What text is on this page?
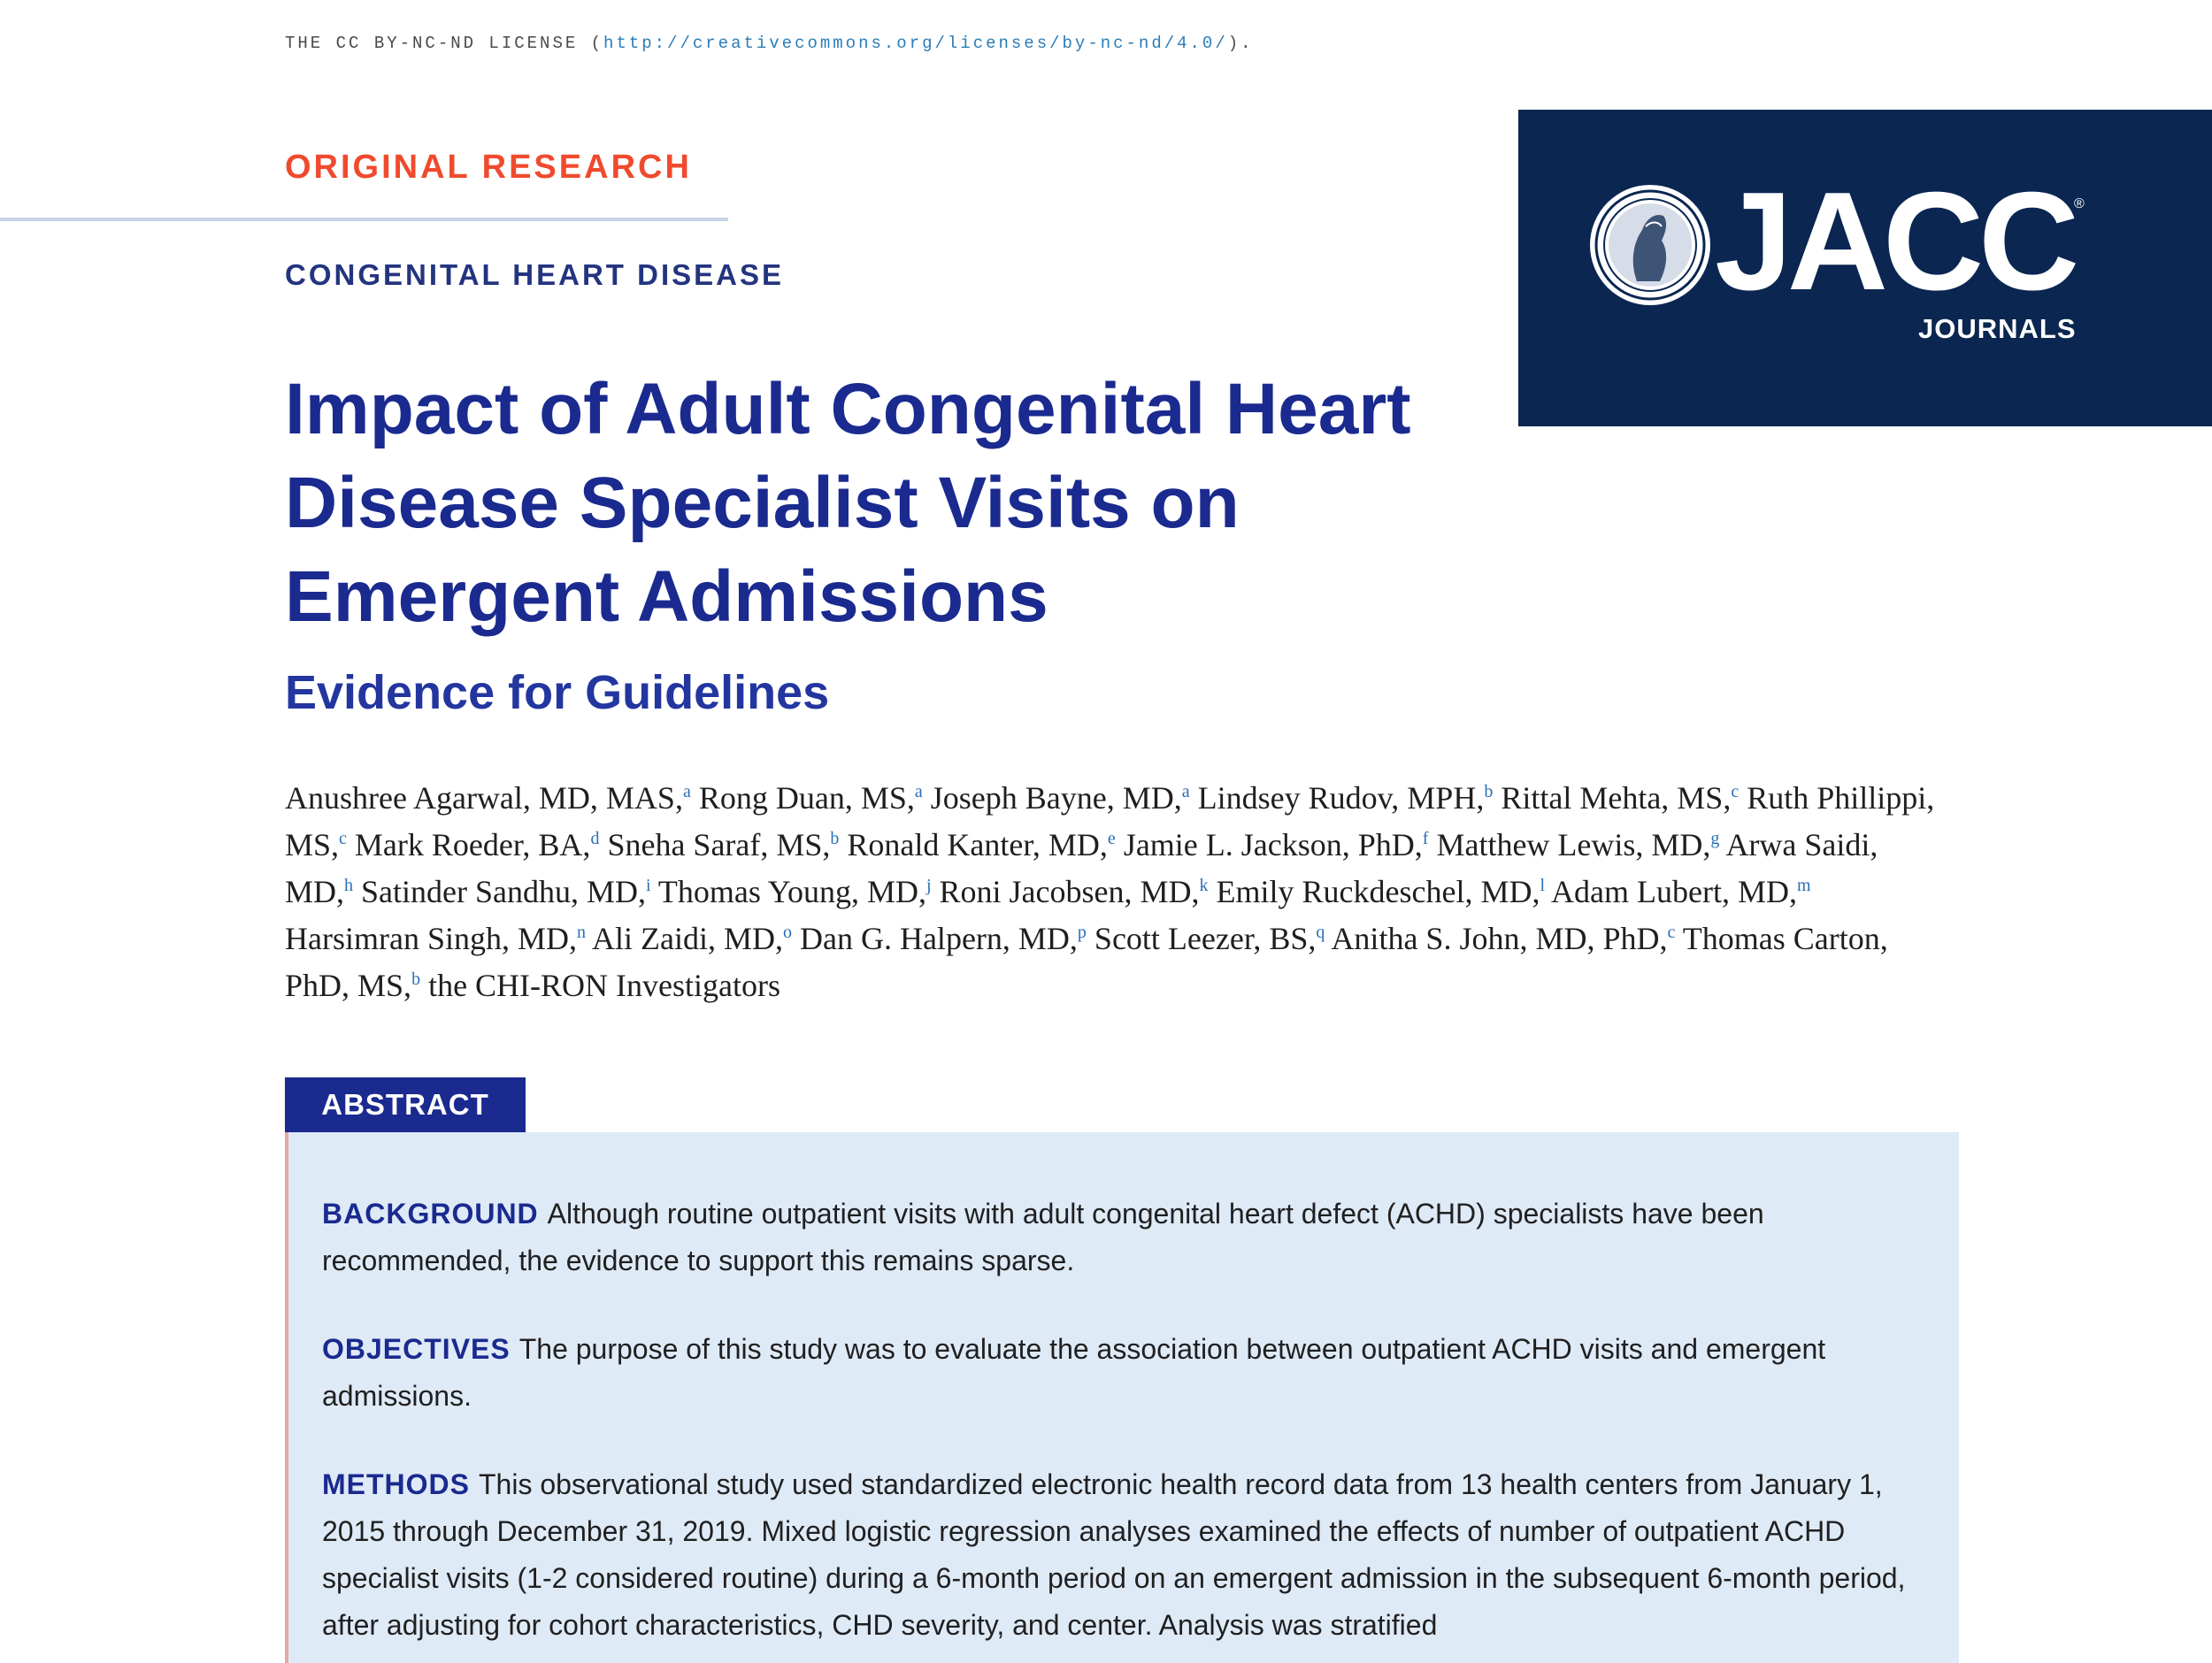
THE CC BY-NC-ND LICENSE (http://creativecommons.org/licenses/by-nc-nd/4.0/).
ORIGINAL RESEARCH
CONGENITAL HEART DISEASE	JACC ®
JOURNALS
Impact of Adult Congenital Heart Disease Specialist Visits on Emergent Admissions
Evidence for Guidelines
Anushree Agarwal, MD, MAS,$^a$ Rong Duan, MS,$^a$ Joseph Bayne, MD,$^a$ Lindsey Rudov, MPH,$^b$ Rittal Mehta, MS,$^c$ Ruth Phillippi, MS,$^c$ Mark Roeder, BA,$^d$ Sneha Saraf, MS,$^b$ Ronald Kanter, MD,$^e$ Jamie L. Jackson, PhD,$^f$ Matthew Lewis, MD,$^g$ Arwa Saidi, MD,$^h$ Satinder Sandhu, MD,$^i$ Thomas Young, MD,$^j$ Roni Jacobsen, MD,$^k$ Emily Ruckdeschel, MD,$^l$ Adam Lubert, MD,$^m$ Harsimran Singh, MD,$^n$ Ali Zaidi, MD,$^o$ Dan G. Halpern, MD,$^p$ Scott Leezer, BS,$^q$ Anitha S. John, MD, PhD,$^c$ Thomas Carton, PhD, MS,$^b$ the CHI-RON Investigators
ABSTRACT

BACKGROUND Although routine outpatient visits with adult congenital heart defect (ACHD) specialists have been recommended, the evidence to support this remains sparse.

OBJECTIVES The purpose of this study was to evaluate the association between outpatient ACHD visits and emergent admissions.

METHODS This observational study used standardized electronic health record data from 13 health centers from January 1, 2015 through December 31, 2019. Mixed logistic regression analyses examined the effects of number of outpatient ACHD specialist visits (1-2 considered routine) during a 6-month period on an emergent admission in the subsequent 6-month period, after adjusting for cohort characteristics, CHD severity, and center. Analysis was stratified
